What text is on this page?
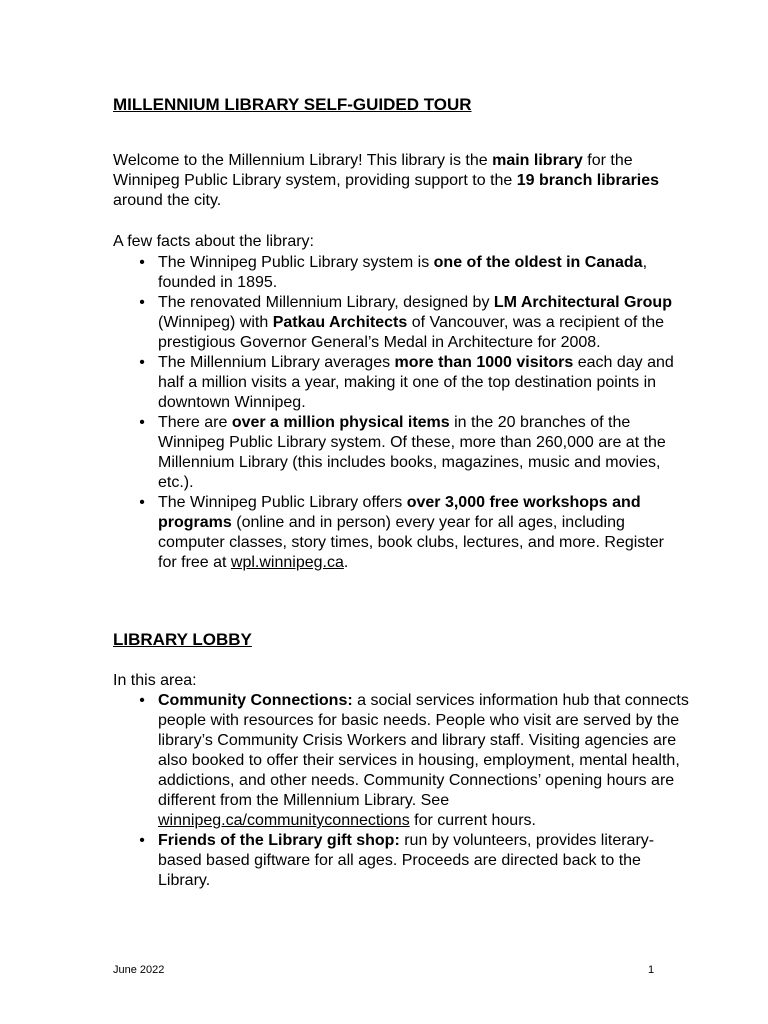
MILLENNIUM LIBRARY SELF-GUIDED TOUR
Welcome to the Millennium Library! This library is the main library for the Winnipeg Public Library system, providing support to the 19 branch libraries around the city.
A few facts about the library:
• The Winnipeg Public Library system is one of the oldest in Canada, founded in 1895.
• The renovated Millennium Library, designed by LM Architectural Group (Winnipeg) with Patkau Architects of Vancouver, was a recipient of the prestigious Governor General’s Medal in Architecture for 2008.
• The Millennium Library averages more than 1000 visitors each day and half a million visits a year, making it one of the top destination points in downtown Winnipeg.
• There are over a million physical items in the 20 branches of the Winnipeg Public Library system. Of these, more than 260,000 are at the Millennium Library (this includes books, magazines, music and movies, etc.).
• The Winnipeg Public Library offers over 3,000 free workshops and programs (online and in person) every year for all ages, including computer classes, story times, book clubs, lectures, and more. Register for free at wpl.winnipeg.ca.
LIBRARY LOBBY
In this area:
• Community Connections: a social services information hub that connects people with resources for basic needs. People who visit are served by the library’s Community Crisis Workers and library staff. Visiting agencies are also booked to offer their services in housing, employment, mental health, addictions, and other needs. Community Connections’ opening hours are different from the Millennium Library. See winnipeg.ca/communityconnections for current hours.
• Friends of the Library gift shop: run by volunteers, provides literary-based based giftware for all ages. Proceeds are directed back to the Library.
June 2022	1
